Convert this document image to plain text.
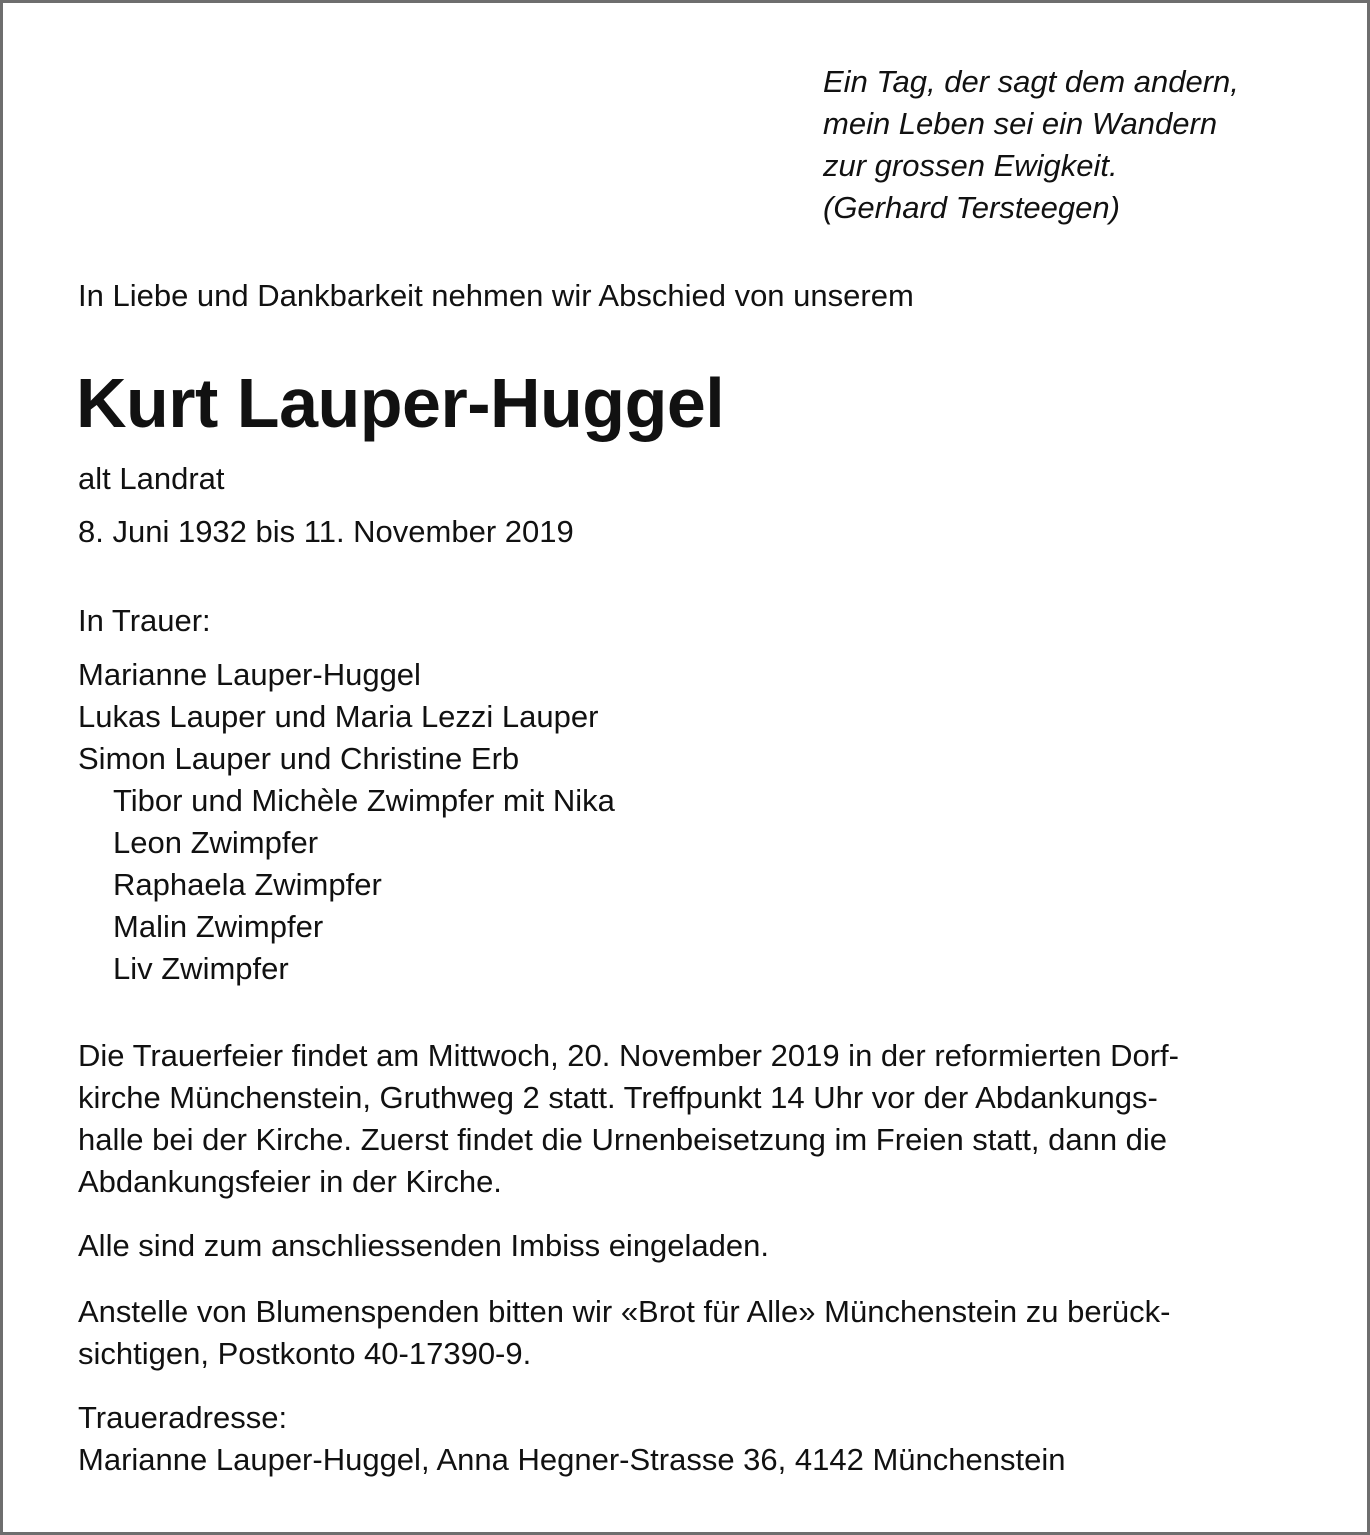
Ein Tag, der sagt dem andern,
mein Leben sei ein Wandern
zur grossen Ewigkeit.
(Gerhard Tersteegen)

In Liebe und Dankbarkeit nehmen wir Abschied von unserem

Kurt Lauper-Huggel

alt Landrat

8. Juni 1932 bis 11. November 2019

In Trauer:

Marianne Lauper-Huggel
Lukas Lauper und Maria Lezzi Lauper
Simon Lauper und Christine Erb
Tibor und Michèle Zwimpfer mit Nika
Leon Zwimpfer
Raphaela Zwimpfer
Malin Zwimpfer
Liv Zwimpfer
Die Trauerfeier findet am Mittwoch, 20. November 2019 in der reformierten Dorf-
kirche Münchenstein, Gruthweg 2 statt. Treffpunkt 14 Uhr vor der Abdankungs-
halle bei der Kirche. Zuerst findet die Urnenbeisetzung im Freien statt, dann die
Abdankungsfeier in der Kirche.

Alle sind zum anschliessenden Imbiss eingeladen.

Anstelle von Blumenspenden bitten wir «Brot für Alle» Münchenstein zu berück-
sichtigen, Postkonto 40-17390-9.
Traueradresse:
Marianne Lauper-Huggel, Anna Hegner-Strasse 36, 4142 Münchenstein
